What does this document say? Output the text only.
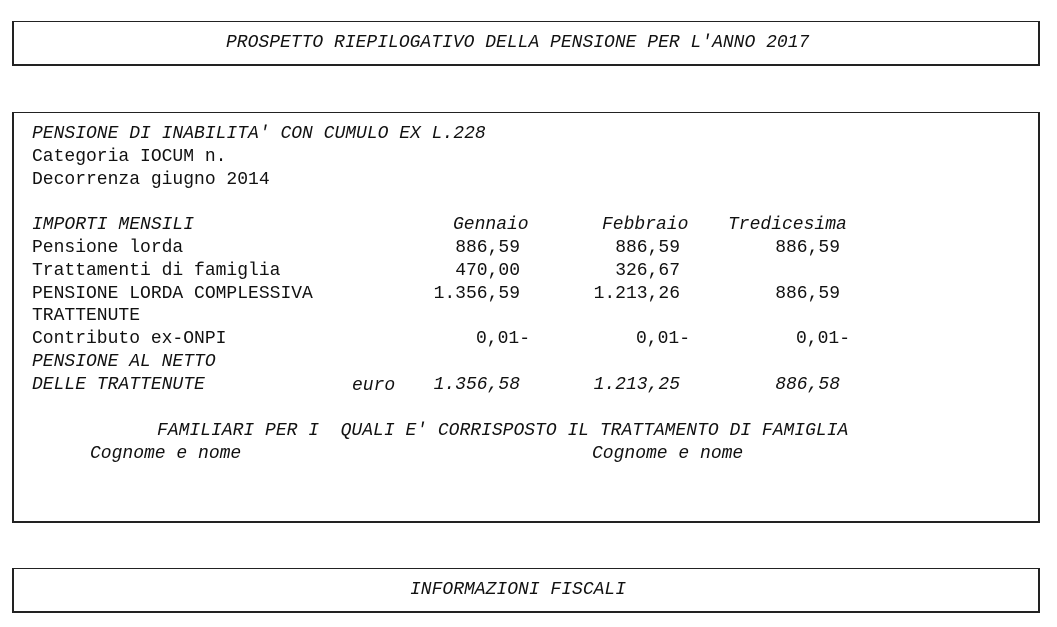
PROSPETTO RIEPILOGATIVO DELLA PENSIONE PER L'ANNO 2017
PENSIONE DI INABILITA' CON CUMULO EX L.228
Categoria IOCUM n.
Decorrenza giugno 2014
IMPORTI MENSILI	Gennaio	Febbraio Tredicesima
Pensione lorda	886,59	886,59	886,59
Trattamenti di famiglia	470,00	326,67
PENSIONE LORDA COMPLESSIVA	1.356,59	1.213,26	886,59
TRATTENUTE
Contributo ex-ONPI	0,01-	0,01-	0,01-
PENSIONE AL NETTO
DELLE TRATTENUTE	euro 1.356,58	1.213,25	886,58
FAMILIARI PER I  QUALI E' CORRISPOSTO IL TRATTAMENTO DI FAMIGLIA
Cognome e nome	Cognome e nome
INFORMAZIONI FISCALI
